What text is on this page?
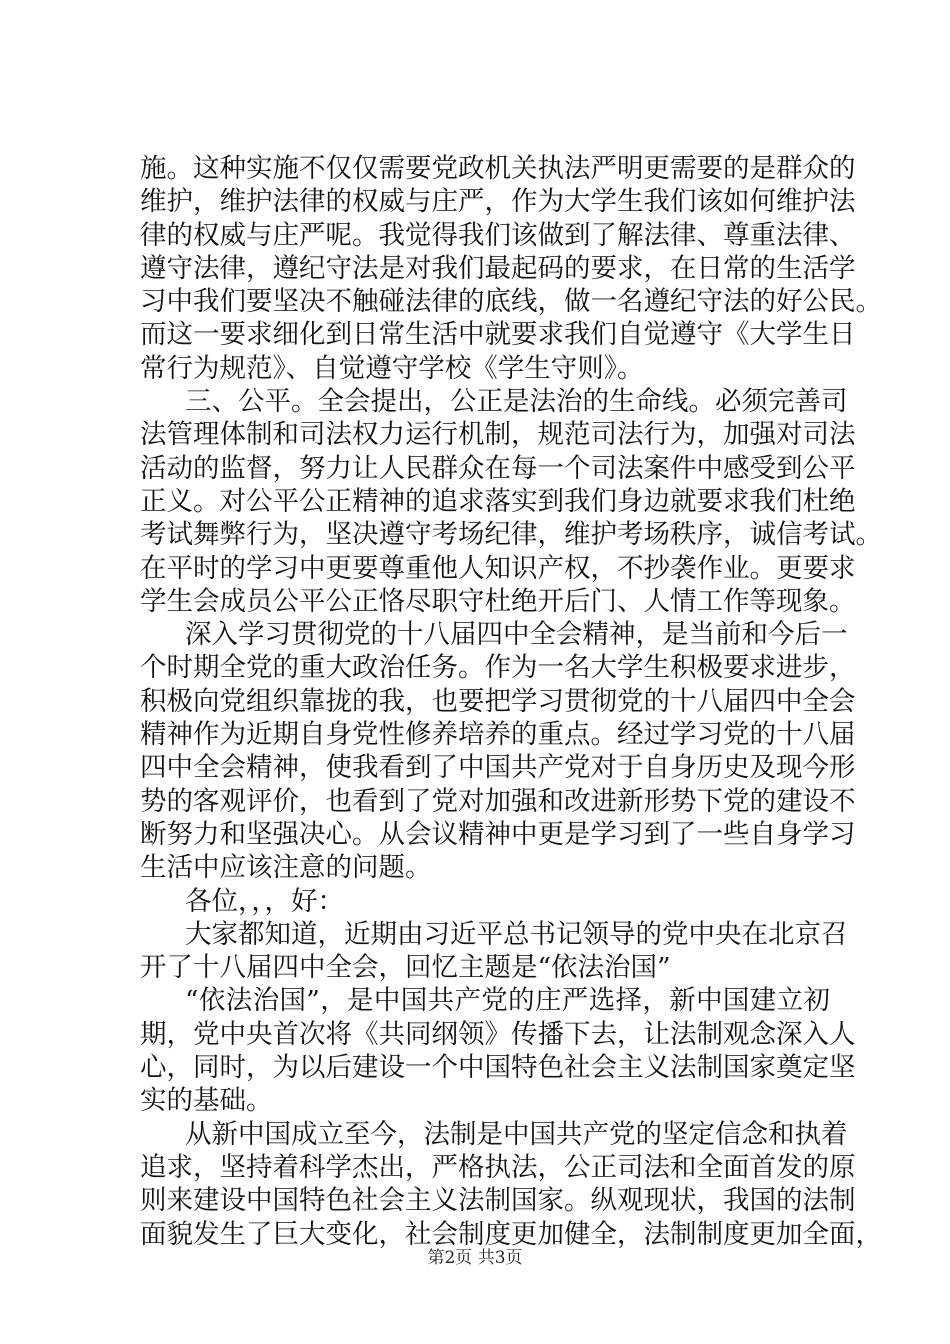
施。这种实施不仅仅需要党政机关执法严明更需要的是群众的
维护，维护法律的权威与庄严，作为大学生我们该如何维护法
律的权威与庄严呢。我觉得我们该做到了解法律、尊重法律、
遵守法律，遵纪守法是对我们最起码的要求，在日常的生活学
习中我们要坚决不触碰法律的底线，做一名遵纪守法的好公民。
而这一要求细化到日常生活中就要求我们自觉遵守《大学生日
常行为规范》、自觉遵守学校《学生守则》。
三、公平。全会提出，公正是法治的生命线。必须完善司
法管理体制和司法权力运行机制，规范司法行为，加强对司法
活动的监督，努力让人民群众在每一个司法案件中感受到公平
正义。对公平公正精神的追求落实到我们身边就要求我们杜绝
考试舞弊行为，坚决遵守考场纪律，维护考场秩序，诚信考试。
在平时的学习中更要尊重他人知识产权，不抄袭作业。更要求
学生会成员公平公正恪尽职守杜绝开后门、人情工作等现象。
深入学习贯彻党的十八届四中全会精神，是当前和今后一
个时期全党的重大政治任务。作为一名大学生积极要求进步，
积极向党组织靠拢的我，也要把学习贯彻党的十八届四中全会
精神作为近期自身党性修养培养的重点。经过学习党的十八届
四中全会精神，使我看到了中国共产党对于自身历史及现今形
势的客观评价，也看到了党对加强和改进新形势下党的建设不
断努力和坚强决心。从会议精神中更是学习到了一些自身学习
生活中应该注意的问题。
各位，，，好：
大家都知道，近期由习近平总书记领导的党中央在北京召
开了十八届四中全会，回忆主题是“依法治国”
“依法治国”，是中国共产党的庄严选择，新中国建立初
期，党中央首次将《共同纲领》传播下去，让法制观念深入人
心，同时，为以后建设一个中国特色社会主义法制国家奠定坚
实的基础。
从新中国成立至今，法制是中国共产党的坚定信念和执着
追求，坚持着科学杰出，严格执法，公正司法和全面首发的原
则来建设中国特色社会主义法制国家。纵观现状，我国的法制
面貌发生了巨大变化，社会制度更加健全，法制制度更加全面，
第2页 共3页
